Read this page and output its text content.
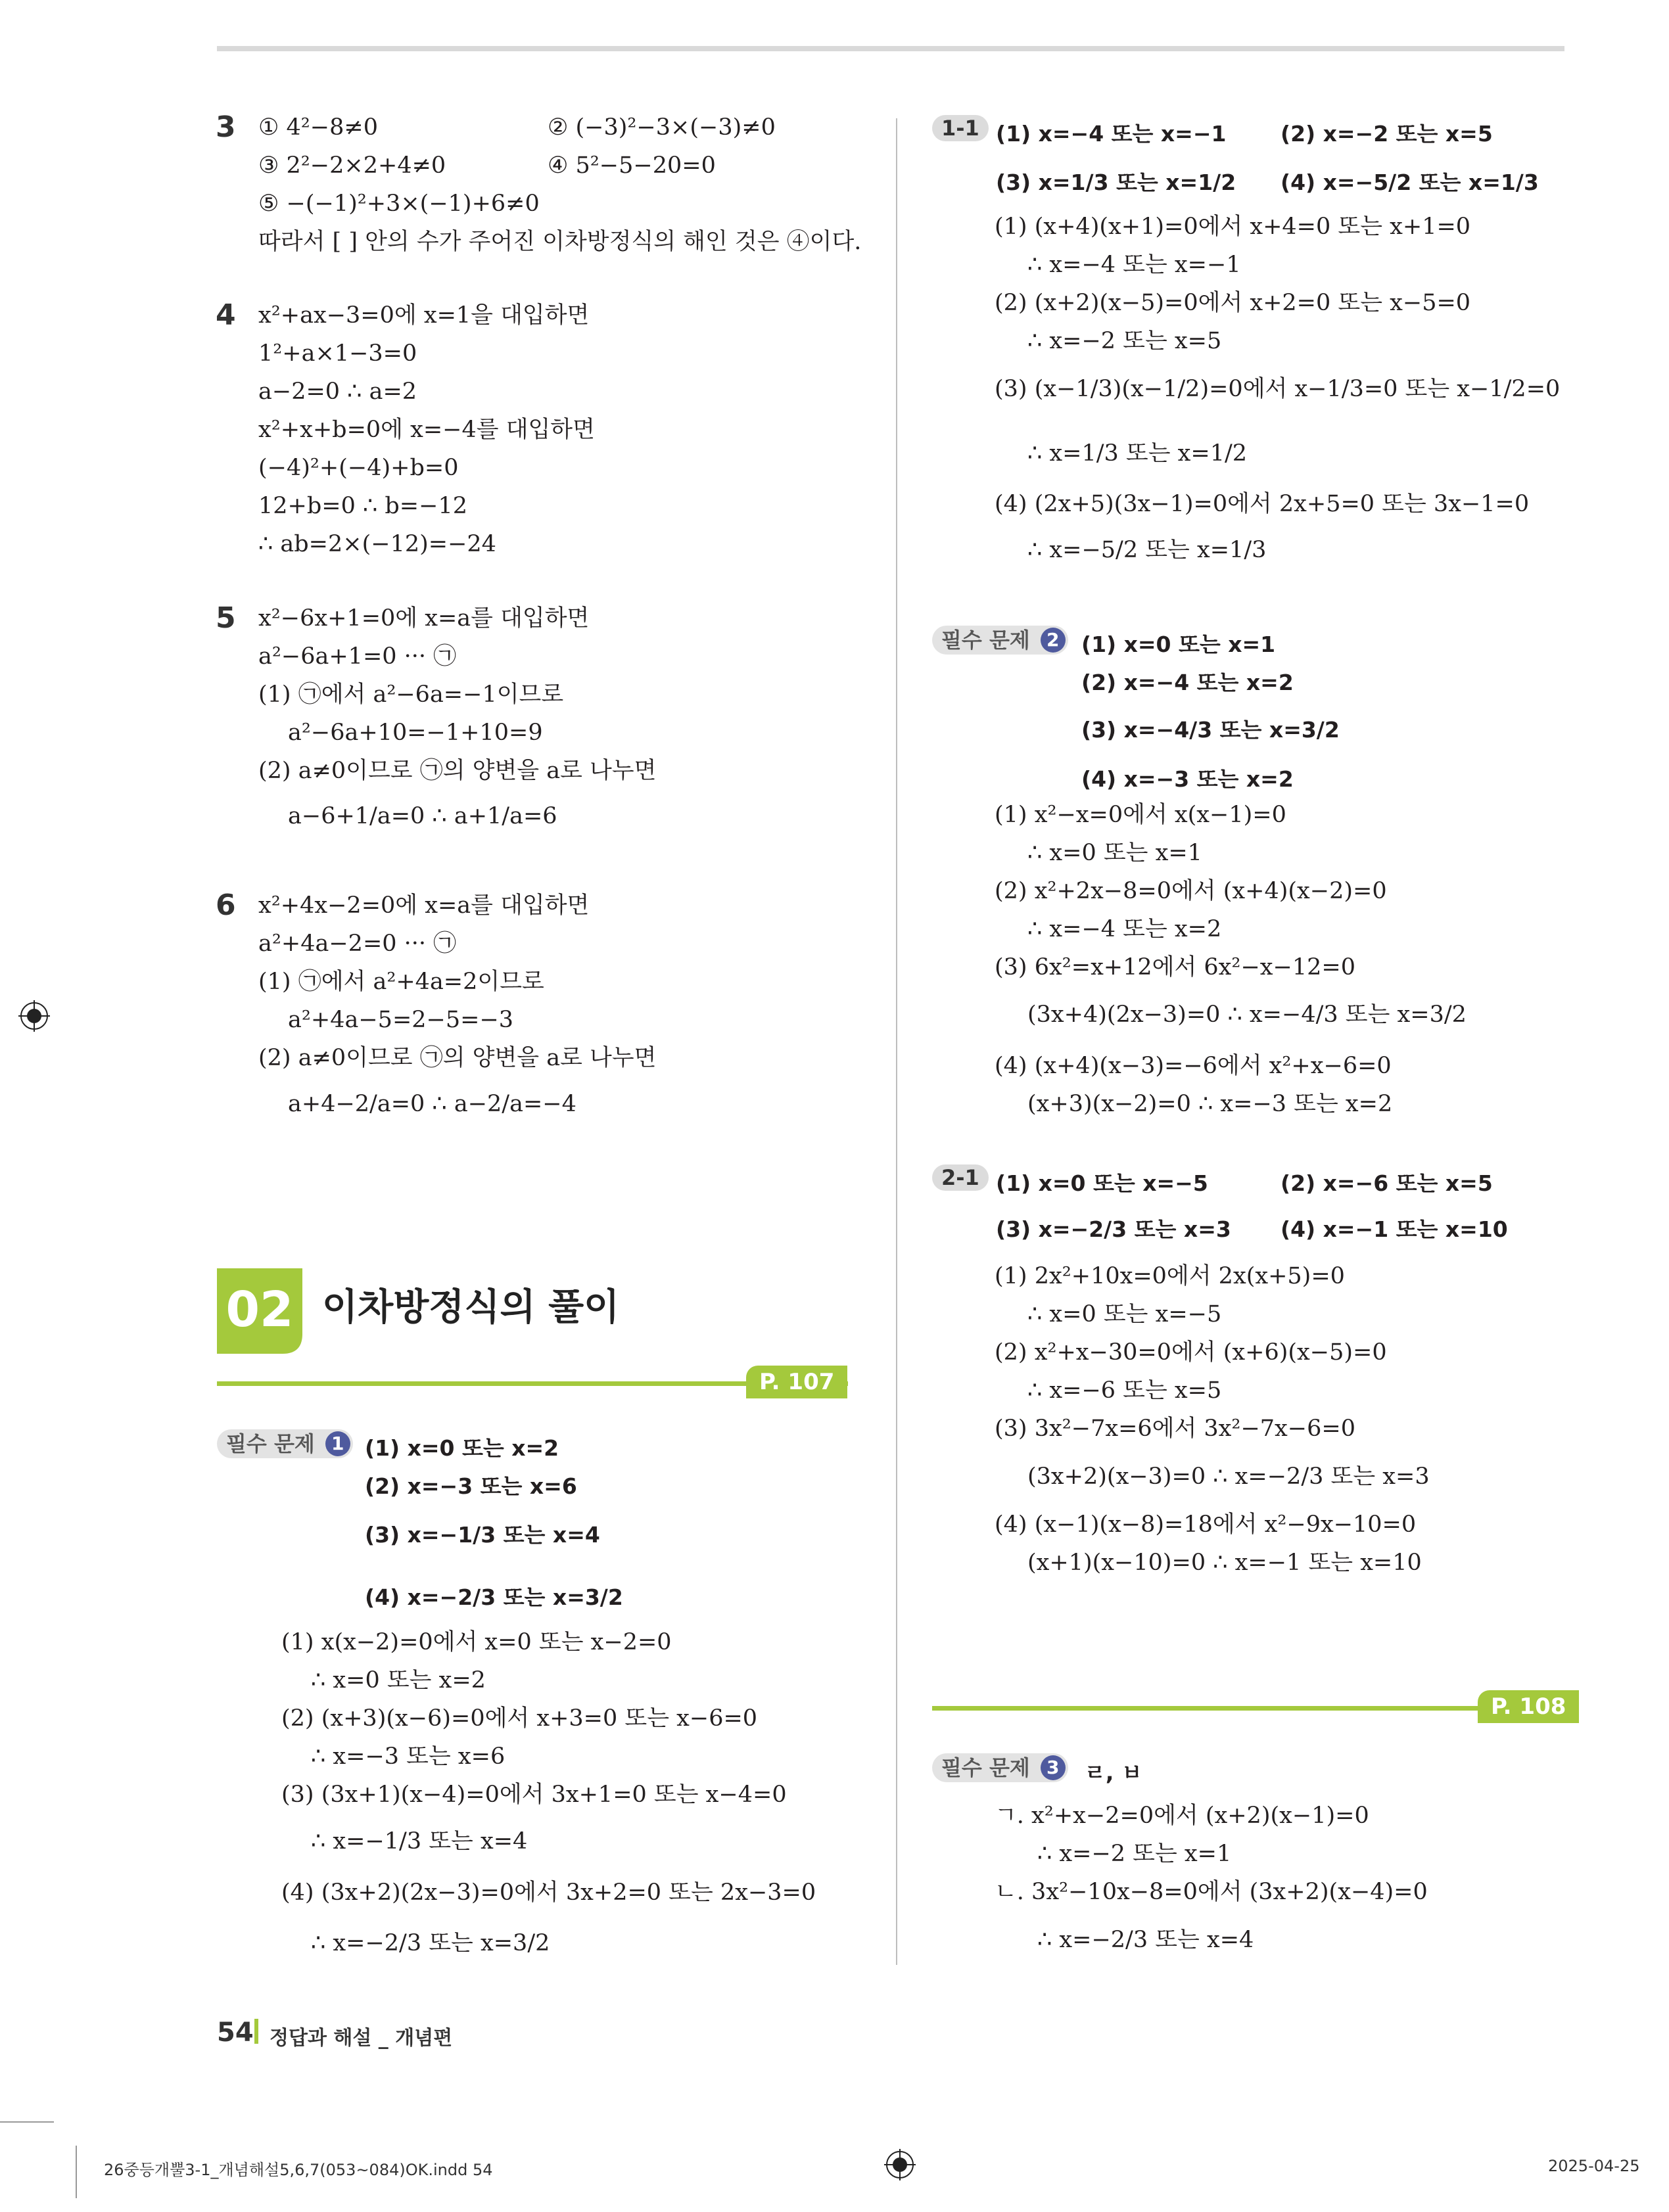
3 ① 4²−8≠0	② (−3)²−3×(−3)≠0
③ 2²−2×2+4≠0	④ 5²−5−20=0
⑤ −(−1)²+3×(−1)+6≠0
따라서 [ ] 안의 수가 주어진 이차방정식의 해인 것은 ④이다.
4 x²+ax−3=0에 x=1을 대입하면
1²+a×1−3=0
a−2=0 ∴ a=2
x²+x+b=0에 x=−4를 대입하면
(−4)²+(−4)+b=0
12+b=0 ∴ b=−12
∴ ab=2×(−12)=−24
5 x²−6x+1=0에 x=a를 대입하면
a²−6a+1=0 ··· ㉠
(1) ㉠에서 a²−6a=−1이므로
a²−6a+10=−1+10=9
(2) a≠0이므로 ㉠의 양변을 a로 나누면
a−6+1/a=0 ∴ a+1/a=6
6 x²+4x−2=0에 x=a를 대입하면
a²+4a−2=0 ··· ㉠
(1) ㉠에서 a²+4a=2이므로
a²+4a−5=2−5=−3
(2) a≠0이므로 ㉠의 양변을 a로 나누면
a+4−2/a=0 ∴ a−2/a=−4
02 이차방정식의 풀이
P. 107
필수 문제 1 (1) x=0 또는 x=2
(2) x=−3 또는 x=6
(3) x=−1/3 또는 x=4
(4) x=−2/3 또는 x=3/2
(1) x(x−2)=0에서 x=0 또는 x−2=0
∴ x=0 또는 x=2
(2) (x+3)(x−6)=0에서 x+3=0 또는 x−6=0
∴ x=−3 또는 x=6
(3) (3x+1)(x−4)=0에서 3x+1=0 또는 x−4=0
∴ x=−1/3 또는 x=4
(4) (3x+2)(2x−3)=0에서 3x+2=0 또는 2x−3=0
∴ x=−2/3 또는 x=3/2
1-1 (1) x=−4 또는 x=−1	(2) x=−2 또는 x=5
(3) x=1/3 또는 x=1/2 (4) x=−5/2 또는 x=1/3
(1) (x+4)(x+1)=0에서 x+4=0 또는 x+1=0
∴ x=−4 또는 x=−1
(2) (x+2)(x−5)=0에서 x+2=0 또는 x−5=0
∴ x=−2 또는 x=5
(3) (x−1/3)(x−1/2)=0에서 x−1/3=0 또는 x−1/2=0
∴ x=1/3 또는 x=1/2
(4) (2x+5)(3x−1)=0에서 2x+5=0 또는 3x−1=0
∴ x=−5/2 또는 x=1/3
필수 문제 2 (1) x=0 또는 x=1
(2) x=−4 또는 x=2
(3) x=−4/3 또는 x=3/2
(4) x=−3 또는 x=2
(1) x²−x=0에서 x(x−1)=0
∴ x=0 또는 x=1
(2) x²+2x−8=0에서 (x+4)(x−2)=0
∴ x=−4 또는 x=2
(3) 6x²=x+12에서 6x²−x−12=0
(3x+4)(2x−3)=0 ∴ x=−4/3 또는 x=3/2
(4) (x+4)(x−3)=−6에서 x²+x−6=0
(x+3)(x−2)=0 ∴ x=−3 또는 x=2
2-1 (1) x=0 또는 x=−5	(2) x=−6 또는 x=5
(3) x=−2/3 또는 x=3 (4) x=−1 또는 x=10
(1) 2x²+10x=0에서 2x(x+5)=0
∴ x=0 또는 x=−5
(2) x²+x−30=0에서 (x+6)(x−5)=0
∴ x=−6 또는 x=5
(3) 3x²−7x=6에서 3x²−7x−6=0
(3x+2)(x−3)=0 ∴ x=−2/3 또는 x=3
(4) (x−1)(x−8)=18에서 x²−9x−10=0
(x+1)(x−10)=0 ∴ x=−1 또는 x=10
P. 108
필수 문제 3 ㄹ, ㅂ
ㄱ. x²+x−2=0에서 (x+2)(x−1)=0
∴ x=−2 또는 x=1
ㄴ. 3x²−10x−8=0에서 (3x+2)(x−4)=0
∴ x=−2/3 또는 x=4
54 정답과 해설 _ 개념편
26중등개뿔3-1_개념해설5,6,7(053~084)OK.indd 54	2025-04-25
